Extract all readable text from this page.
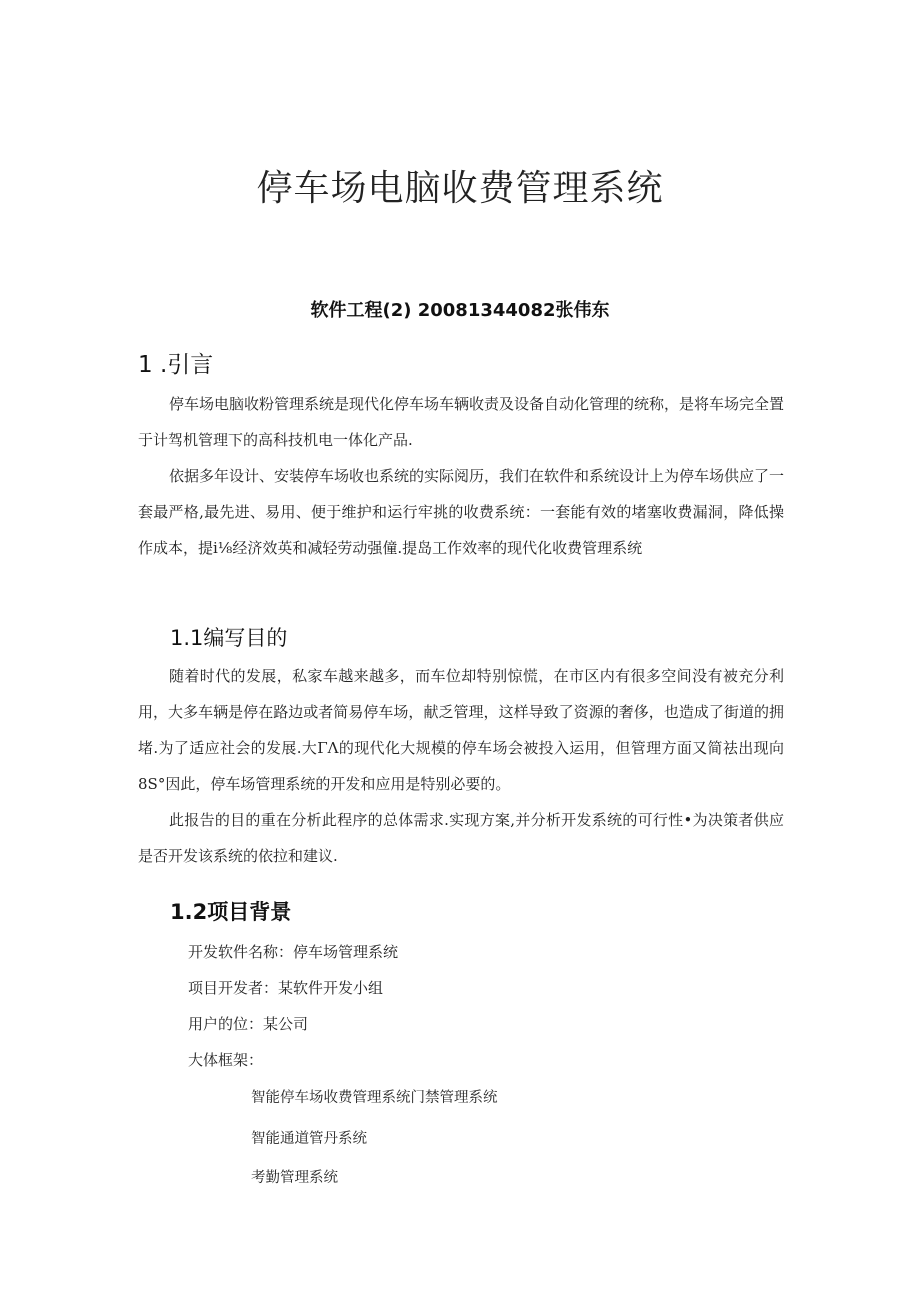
停车场电脑收费管理系统
软件工程(2) 20081344082张伟东
1 .引言

停车场电脑收粉管理系统是现代化停车场车辆收责及设备自动化管理的统称，是将车场完全置于计驾机管理下的高科技机电一体化产品.

依据多年设计、安装停车场收也系统的实际阅历，我们在软件和系统设计上为停车场供应了一套最严格,最先进、易用、便于维护和运行牢挑的收费系统：一套能有效的堵塞收费漏洞，降低操作成本，提i⅛经济效英和减轻劳动强僮.提岛工作效率的现代化收费管理系统

1.1编写目的

随着时代的发展，私家车越来越多，而车位却特别惊慌，在市区内有很多空间没有被充分利用，大多车辆是停在路边或者简易停车场，献乏管理，这样导致了资源的奢侈，也造成了街道的拥堵.为了适应社会的发展.大ΓΛ的现代化大规模的停车场会被投入运用，但管理方面又简祛出现向8S°因此，停车场管理系统的开发和应用是特别必要的。

此报告的目的重在分析此程序的总体需求.实现方案,并分析开发系统的可行性•为决策者供应是否开发该系统的依拉和建议.

1.2项目背景
开发软件名称：停车场管理系统
项目开发者：某软件开发小组
用户的位：某公司
大体框架：
智能停车场收费管理系统门禁管理系统
智能通道管丹系统
考勤管理系统
